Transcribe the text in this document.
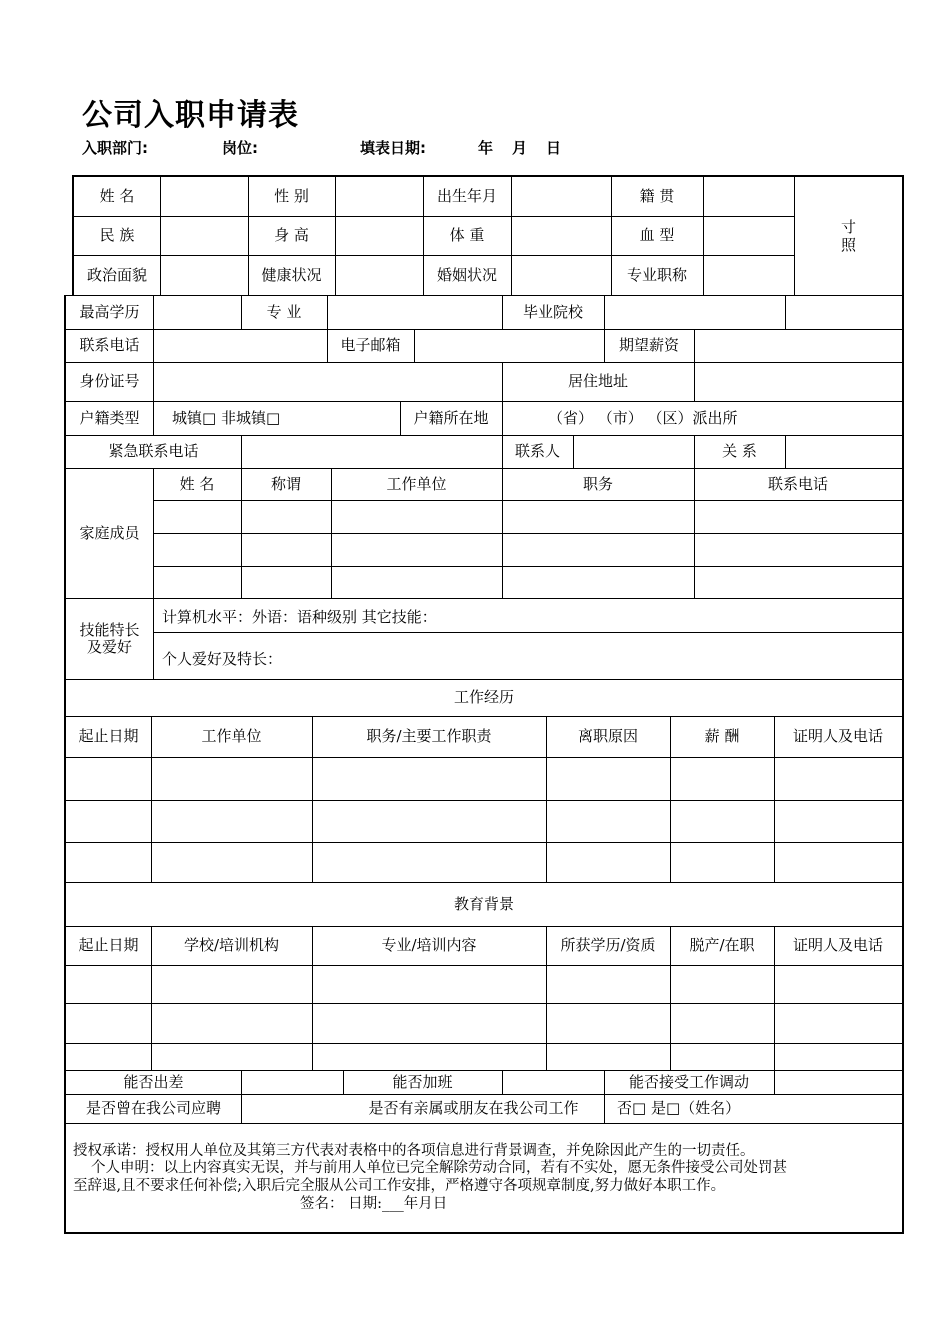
公司入职申请表
入职部门:	岗位:	填表日期:	年 月 日
姓 名	性 别	出生年月	籍 贯
寸
照
民 族	身 高	体 重	血 型
政治面貌	健康状况	婚姻状况	专业职称
最高学历	专 业	毕业院校
联系电话	电子邮箱	期望薪资
身份证号	居住地址
户籍类型	城镇□ 非城镇□	户籍所在地	（省） （市） （区）派出所
紧急联系电话	联系人	关 系
家庭成员
姓 名	称谓	工作单位	职务	联系电话
技能特长
及爱好
计算机水平：外语：语种级别 其它技能：
个人爱好及特长：
工作经历
起止日期	工作单位	职务/主要工作职责	离职原因	薪 酬	证明人及电话
教育背景
起止日期	学校/培训机构	专业/培训内容	所获学历/资质	脱产/在职	证明人及电话
能否出差	能否加班	能否接受工作调动
是否曾在我公司应聘	是否有亲属或朋友在我公司工作	否□ 是□（姓名）
授权承诺：授权用人单位及其第三方代表对表格中的各项信息进行背景调查，并免除因此产生的一切责任。
个人申明：以上内容真实无误，并与前用人单位已完全解除劳动合同，若有不实处，愿无条件接受公司处罚甚
至辞退,且不要求任何补偿;入职后完全服从公司工作安排，严格遵守各项规章制度,努力做好本职工作。
签名： 日期:___年月日
